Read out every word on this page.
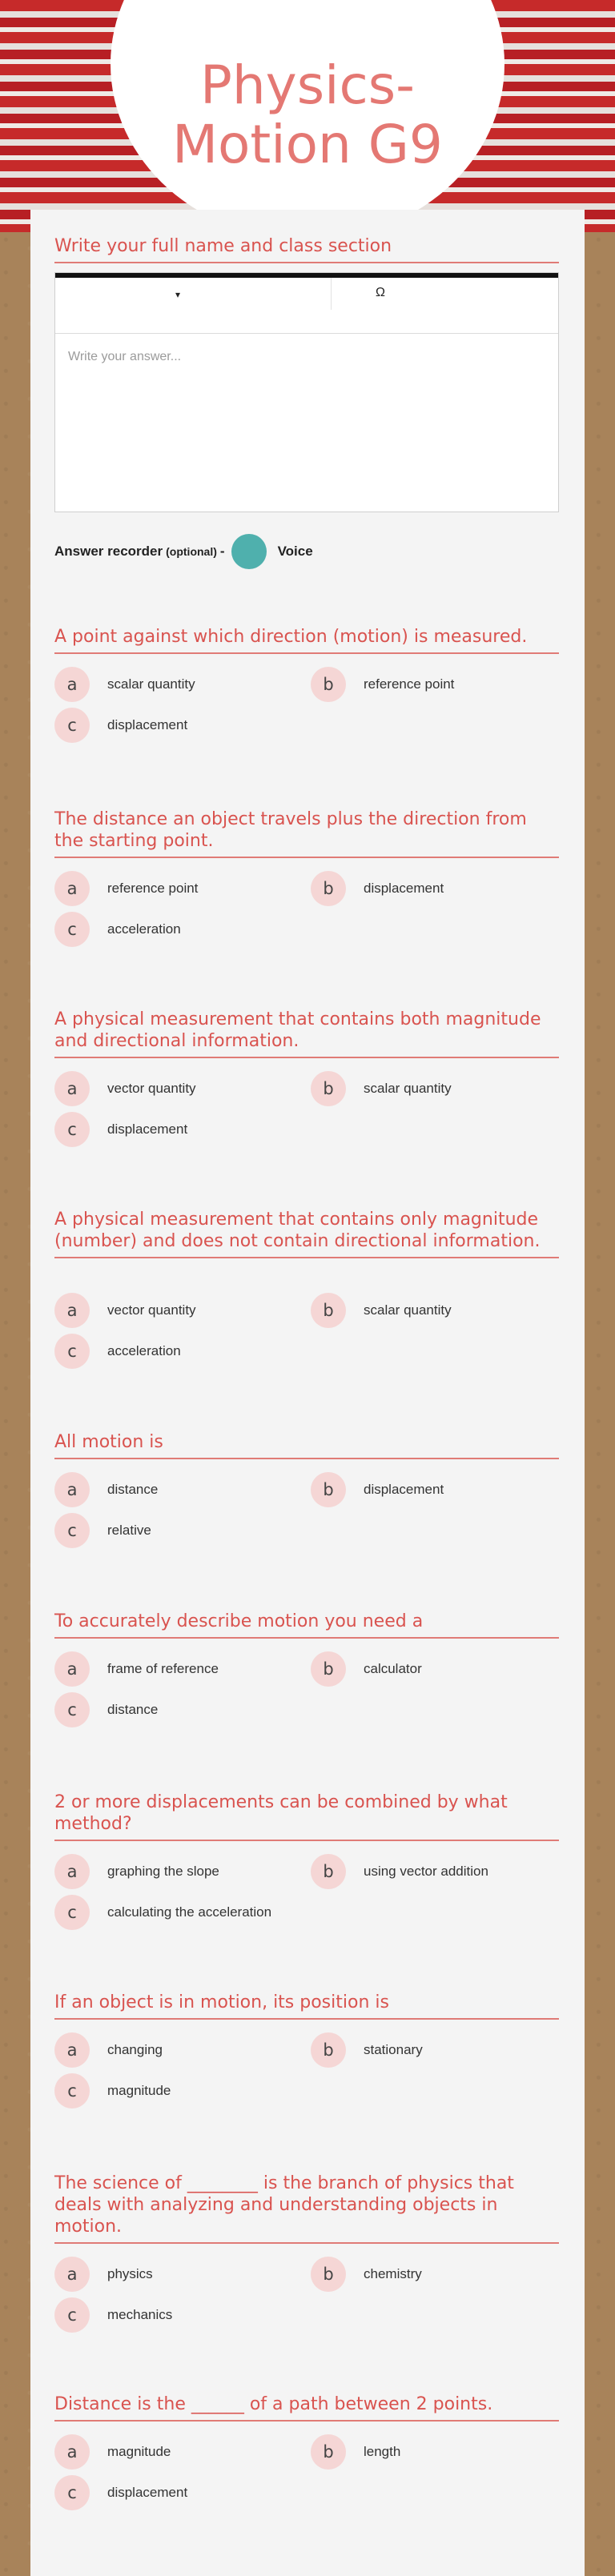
Physics-
Motion G9
Write your full name and class section
▾	Ω
Write your answer...
Answer recorder (optional) -	Voice
A point against which direction (motion) is measured.
a	scalar quantity	b	reference point
c	displacement
The distance an object travels plus the direction from the starting point.
a	reference point	b	displacement
c	acceleration
A physical measurement that contains both magnitude and directional information.
a	vector quantity	b	scalar quantity
c	displacement
A physical measurement that contains only magnitude (number) and does not contain directional information.
a	vector quantity	b	scalar quantity
c	acceleration
All motion is
a	distance	b	displacement
c	relative
To accurately describe motion you need a
a	frame of reference	b	calculator
c	distance
2 or more displacements can be combined by what method?
a	graphing the slope	b	using vector addition
c	calculating the acceleration
If an object is in motion, its position is
a	changing	b	stationary
c	magnitude
The science of ________ is the branch of physics that deals with analyzing and understanding objects in motion.
a	physics	b	chemistry
c	mechanics
Distance is the ______ of a path between 2 points.
a	magnitude	b	length
c	displacement
